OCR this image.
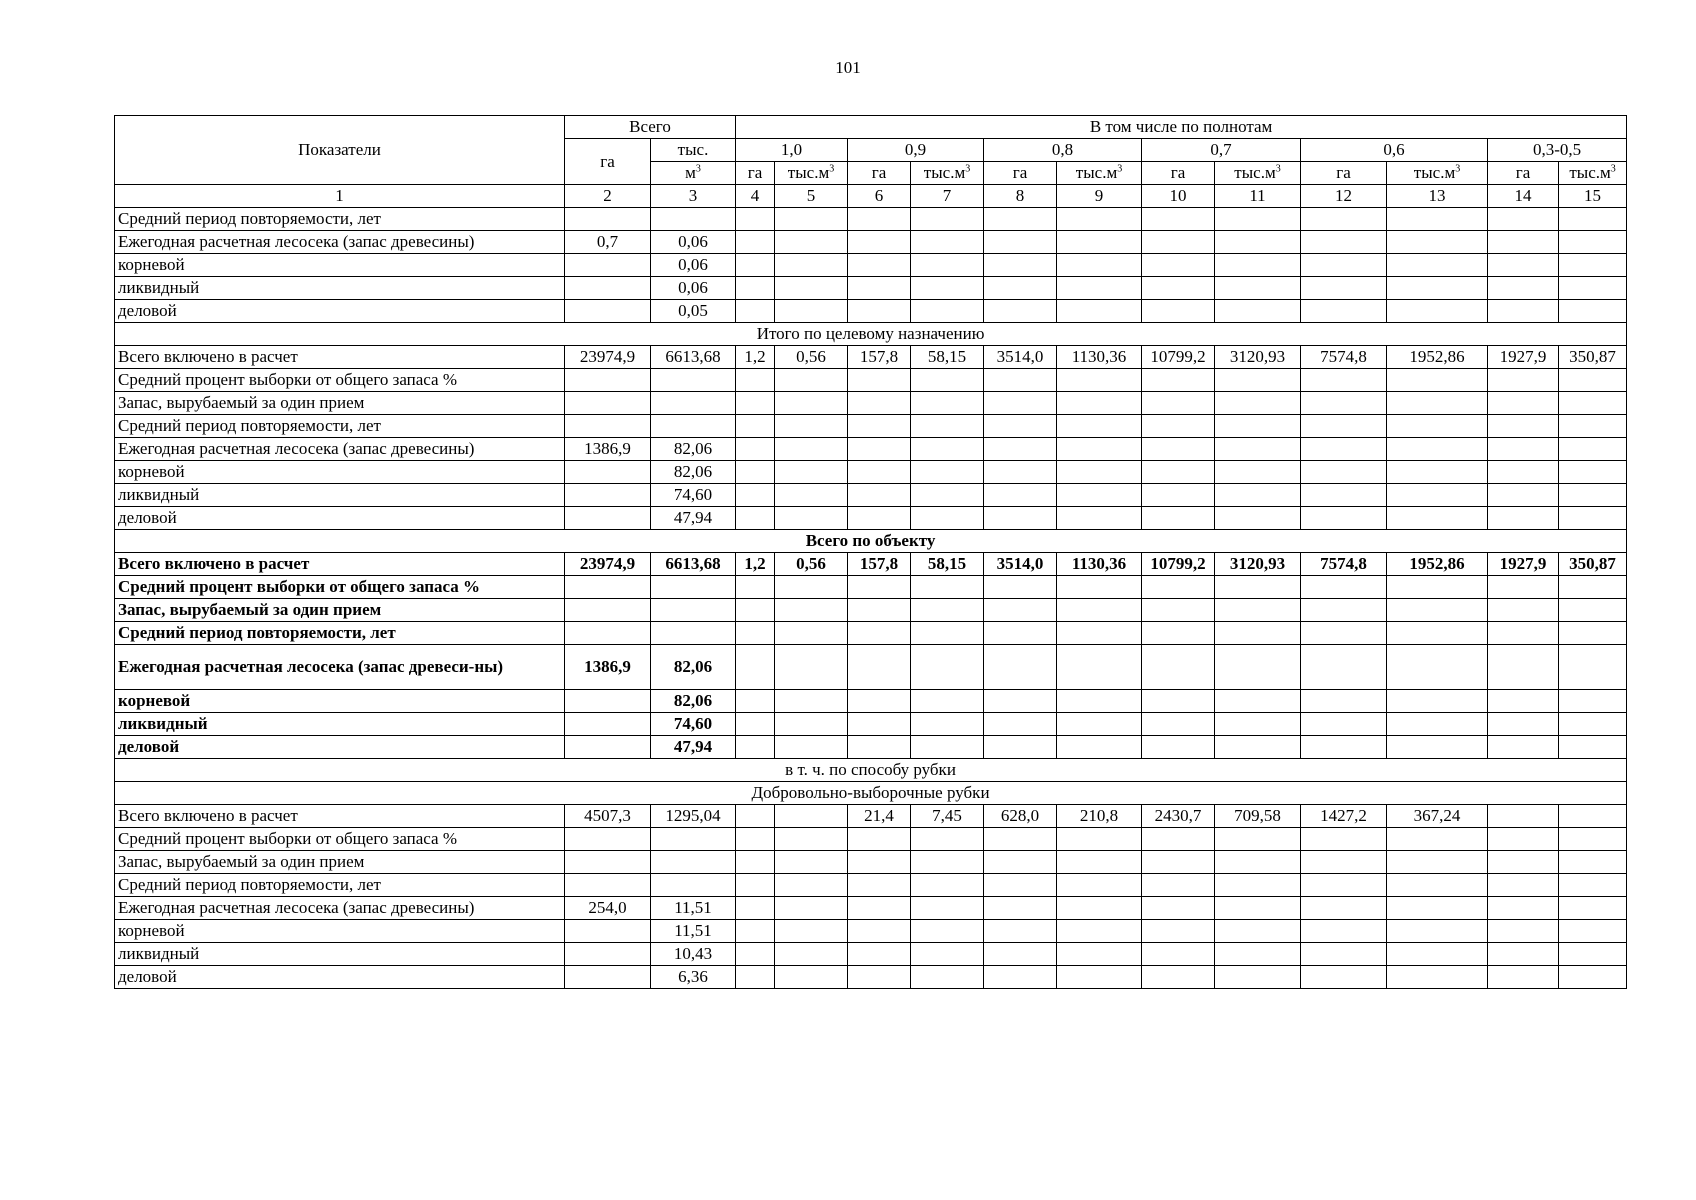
101
Показатели	Всего		В том числе по полнотам											
	га	тыс.	1,0		0,9		0,8		0,7		0,6		0,3-0,5	
		$м^3$	га	$тыс.м^3$	га	$тыс.м^3$	га	$тыс.м^3$	га	$тыс.м^3$	га	$тыс.м^3$	га	$тыс.м^3$
1	2	3	4	5	6	7	8	9	10	11	12	13	14	15
Средний период повторяемости, лет														
Ежегодная расчетная лесосека (запас древесины)	0,7	0,06												
корневой		0,06												
ликвидный		0,06												
деловой		0,05												
Итого по целевому назначению														
Всего включено в расчет	23974,9	6613,68	1,2	0,56	157,8	58,15	3514,0	1130,36	10799,2	3120,93	7574,8	1952,86	1927,9	350,87
Средний процент выборки от общего запаса %														
Запас, вырубаемый за один прием														
Средний период повторяемости, лет														
Ежегодная расчетная лесосека (запас древесины)	1386,9	82,06												
корневой		82,06												
ликвидный		74,60												
деловой		47,94												
Всего по объекту														
Всего включено в расчет	23974,9	6613,68	1,2	0,56	157,8	58,15	3514,0	1130,36	10799,2	3120,93	7574,8	1952,86	1927,9	350,87
Средний процент выборки от общего запаса %														
Запас, вырубаемый за один прием														
Средний период повторяемости, лет														
Ежегодная расчетная лесосека (запас древеси-ны)	1386,9	82,06												
корневой		82,06												
ликвидный		74,60												
деловой		47,94												
в т. ч. по способу рубки														
Добровольно-выборочные рубки														
Всего включено в расчет	4507,3	1295,04			21,4	7,45	628,0	210,8	2430,7	709,58	1427,2	367,24		
Средний процент выборки от общего запаса %														
Запас, вырубаемый за один прием														
Средний период повторяемости, лет														
Ежегодная расчетная лесосека (запас древесины)	254,0	11,51												
корневой		11,51												
ликвидный		10,43												
деловой		6,36												
